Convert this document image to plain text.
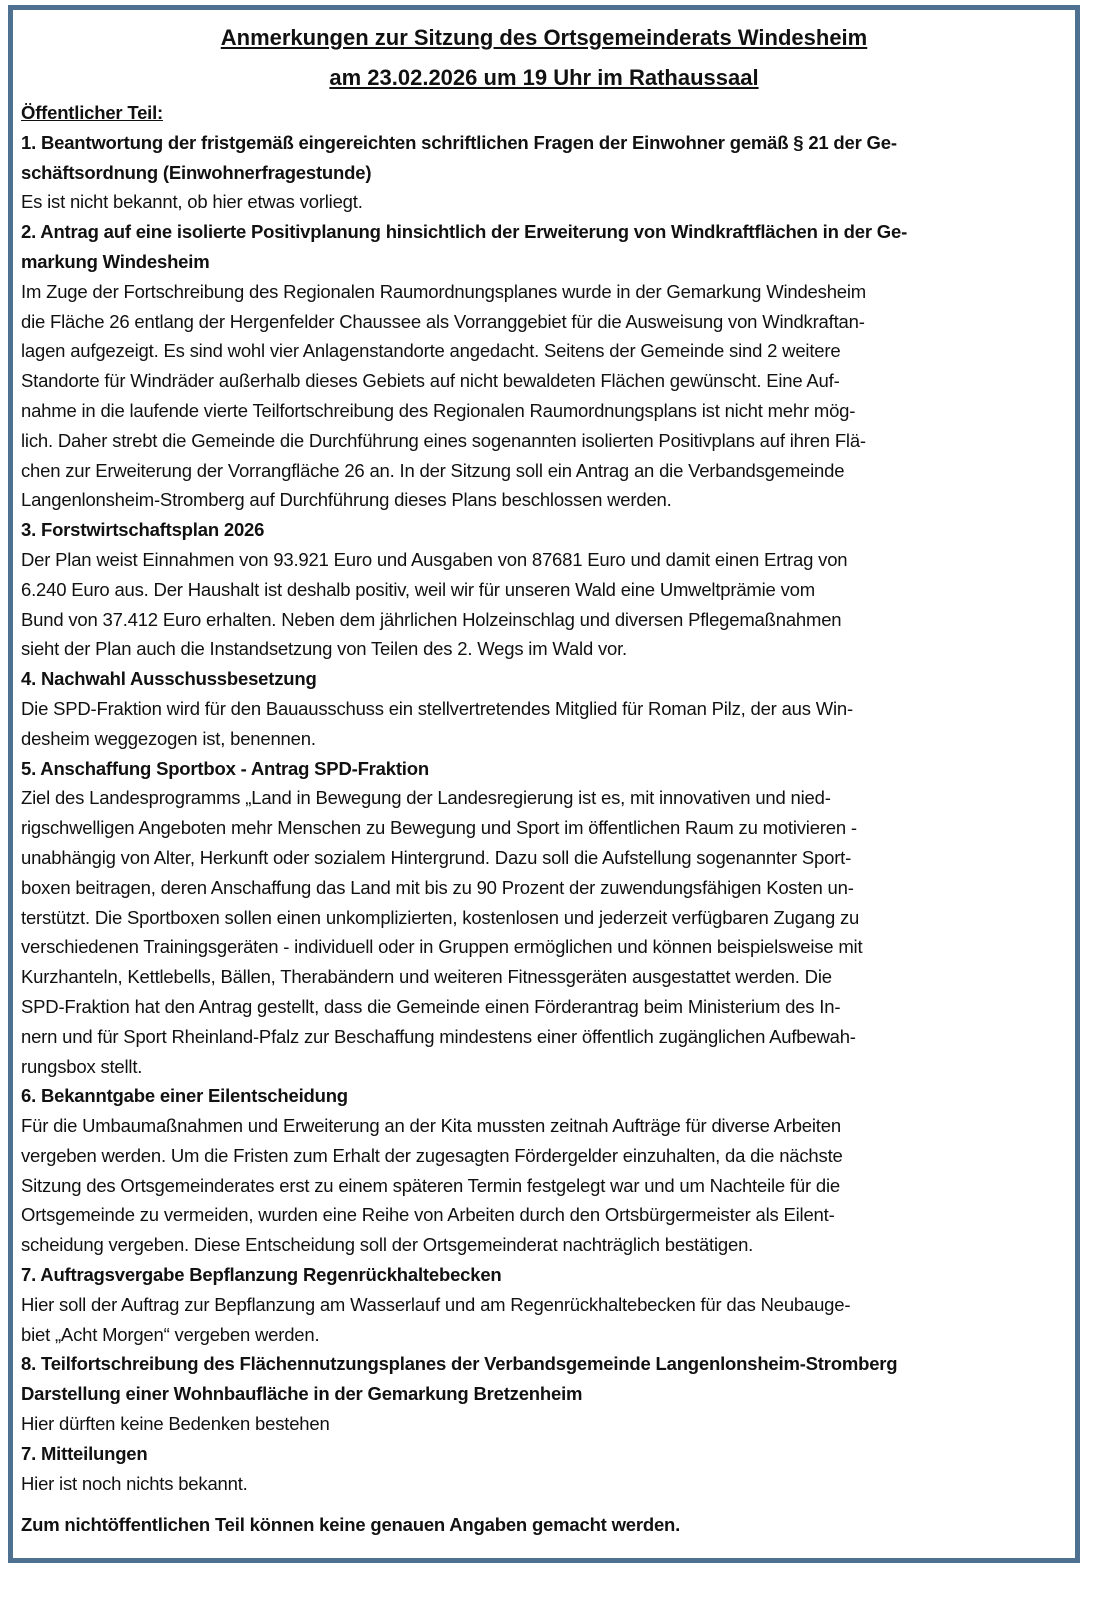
Anmerkungen zur Sitzung des Ortsgemeinderats Windesheim
am 23.02.2026 um 19 Uhr im Rathaussaal
Öffentlicher Teil:
1. Beantwortung der fristgemäß eingereichten schriftlichen Fragen der Einwohner gemäß § 21 der Ge-
schäftsordnung (Einwohnerfragestunde)
Es ist nicht bekannt, ob hier etwas vorliegt.
2. Antrag auf eine isolierte Positivplanung hinsichtlich der Erweiterung von Windkraftflächen in der Ge-
markung Windesheim
Im Zuge der Fortschreibung des Regionalen Raumordnungsplanes wurde in der Gemarkung Windesheim
die Fläche 26 entlang der Hergenfelder Chaussee als Vorranggebiet für die Ausweisung von Windkraftan-
lagen aufgezeigt. Es sind wohl vier Anlagenstandorte angedacht. Seitens der Gemeinde sind 2 weitere
Standorte für Windräder außerhalb dieses Gebiets auf nicht bewaldeten Flächen gewünscht. Eine Auf-
nahme in die laufende vierte Teilfortschreibung des Regionalen Raumordnungsplans ist nicht mehr mög-
lich. Daher strebt die Gemeinde die Durchführung eines sogenannten isolierten Positivplans auf ihren Flä-
chen zur Erweiterung der Vorrangfläche 26 an. In der Sitzung soll ein Antrag an die Verbandsgemeinde
Langenlonsheim-Stromberg auf Durchführung dieses Plans beschlossen werden.
3. Forstwirtschaftsplan 2026
Der Plan weist Einnahmen von 93.921 Euro und Ausgaben von 87681 Euro und damit einen Ertrag von
6.240 Euro aus. Der Haushalt ist deshalb positiv, weil wir für unseren Wald eine Umweltprämie vom
Bund von 37.412 Euro erhalten. Neben dem jährlichen Holzeinschlag und diversen Pflegemaßnahmen
sieht der Plan auch die Instandsetzung von Teilen des 2. Wegs im Wald vor.
4. Nachwahl Ausschussbesetzung
Die SPD-Fraktion wird für den Bauausschuss ein stellvertretendes Mitglied für Roman Pilz, der aus Win-
desheim weggezogen ist, benennen.
5. Anschaffung Sportbox - Antrag SPD-Fraktion
Ziel des Landesprogramms „Land in Bewegung der Landesregierung ist es, mit innovativen und nied-
rigschwelligen Angeboten mehr Menschen zu Bewegung und Sport im öffentlichen Raum zu motivieren -
unabhängig von Alter, Herkunft oder sozialem Hintergrund. Dazu soll die Aufstellung sogenannter Sport-
boxen beitragen, deren Anschaffung das Land mit bis zu 90 Prozent der zuwendungsfähigen Kosten un-
terstützt. Die Sportboxen sollen einen unkomplizierten, kostenlosen und jederzeit verfügbaren Zugang zu
verschiedenen Trainingsgeräten - individuell oder in Gruppen ermöglichen und können beispielsweise mit
Kurzhanteln, Kettlebells, Bällen, Therabändern und weiteren Fitnessgeräten ausgestattet werden. Die
SPD-Fraktion hat den Antrag gestellt, dass die Gemeinde einen Förderantrag beim Ministerium des In-
nern und für Sport Rheinland-Pfalz zur Beschaffung mindestens einer öffentlich zugänglichen Aufbewah-
rungsbox stellt.
6. Bekanntgabe einer Eilentscheidung
Für die Umbaumaßnahmen und Erweiterung an der Kita mussten zeitnah Aufträge für diverse Arbeiten
vergeben werden. Um die Fristen zum Erhalt der zugesagten Fördergelder einzuhalten, da die nächste
Sitzung des Ortsgemeinderates erst zu einem späteren Termin festgelegt war und um Nachteile für die
Ortsgemeinde zu vermeiden, wurden eine Reihe von Arbeiten durch den Ortsbürgermeister als Eilent-
scheidung vergeben. Diese Entscheidung soll der Ortsgemeinderat nachträglich bestätigen.
7. Auftragsvergabe Bepflanzung Regenrückhaltebecken
Hier soll der Auftrag zur Bepflanzung am Wasserlauf und am Regenrückhaltebecken für das Neubauge-
biet „Acht Morgen“ vergeben werden.
8. Teilfortschreibung des Flächennutzungsplanes der Verbandsgemeinde Langenlonsheim-Stromberg
Darstellung einer Wohnbaufläche in der Gemarkung Bretzenheim
Hier dürften keine Bedenken bestehen
7. Mitteilungen
Hier ist noch nichts bekannt.
Zum nichtöffentlichen Teil können keine genauen Angaben gemacht werden.
